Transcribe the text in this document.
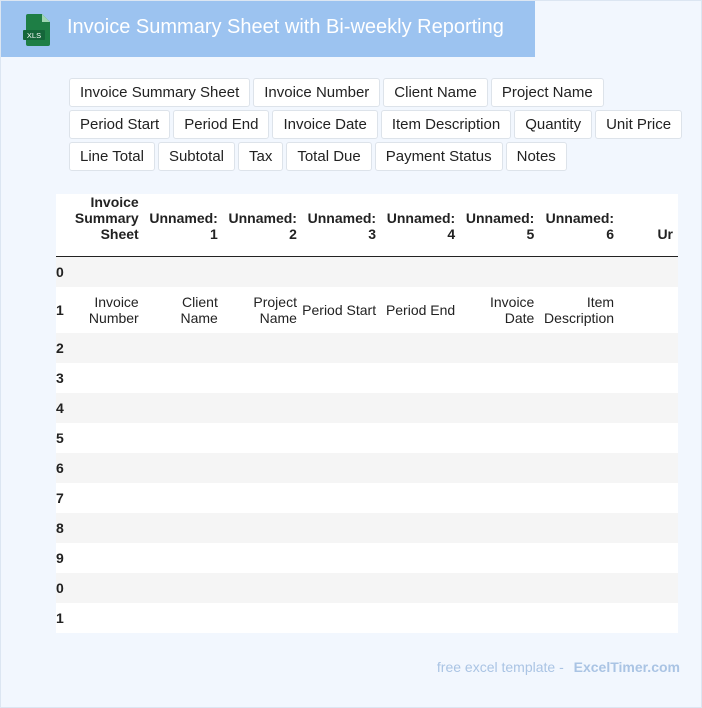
XLS Invoice Summary Sheet with Bi-weekly Reporting
Invoice Summary Sheet	Invoice Number	Client Name	Project Name
Period Start	Period End	Invoice Date	Item Description	Quantity	Unit Price
Line Total	Subtotal	Tax	Total Due	Payment Status	Notes
	Invoice Summary Sheet	Unnamed: 1	Unnamed: 2	Unnamed: 3	Unnamed: 4	Unnamed: 5	Unnamed: 6	Ur
0								
1	Invoice Number	Client Name	Project Name	Period Start	Period End	Invoice Date	Item Description	
2								
3								
4								
5								
6								
7								
8								
9								
0								
1								
free excel template - ExcelTimer.com
